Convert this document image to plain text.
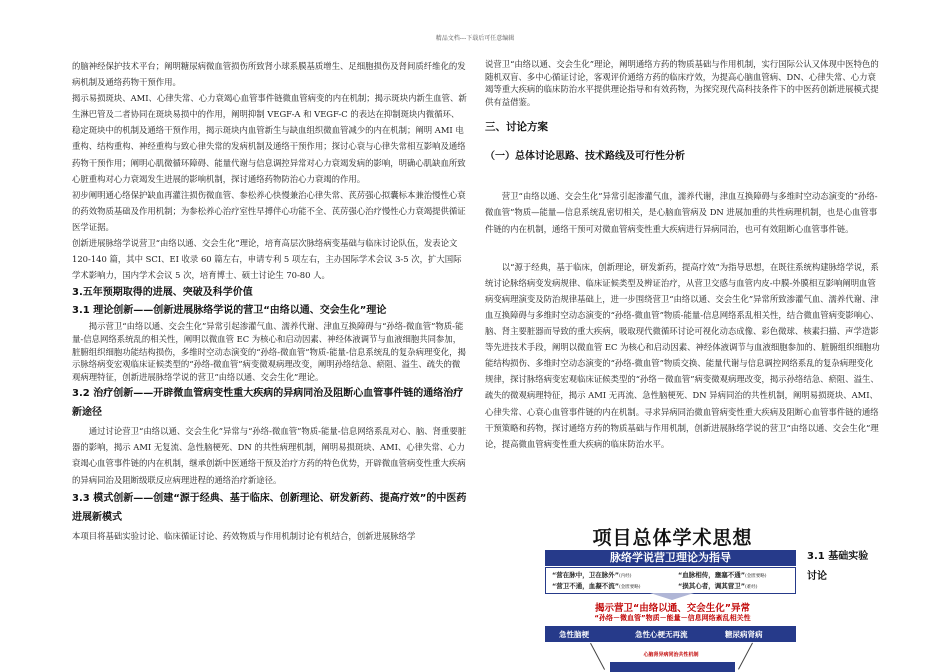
精品文档---下载后可任意编辑

的脑神经保护技术平台；阐明糖尿病微血管损伤所致肾小球系膜基质增生、足细胞损伤及肾间质纤维化的发病机制及通络药物干预作用。

揭示易损斑块、AMI、心律失常、心力衰竭心血管事件链微血管病变的内在机制；揭示斑块内新生血管、新生淋巴管及二者协同在斑块易损中的作用，阐明抑制 VEGF-A 和 VEGF-C 的表达在抑制斑块内微循环、稳定斑块中的机制及通络干预作用，揭示斑块内血管新生与缺血组织微血管减少的内在机制；阐明 AMI 电重构、结构重构、神经重构与致心律失常的发病机制及通络干预作用；探讨心衰与心律失常相互影响及通络药物干预作用；阐明心肌微循环障碍、能量代谢与信息调控异常对心力衰竭发病的影响，明确心肌缺血所致心脏重构对心力衰竭发生进展的影响机制，探讨通络药物防治心力衰竭的作用。

初步阐明通心络保护缺血再灌注损伤微血管、参松养心快慢兼治心律失常、芪苈强心拟囊标本兼治慢性心衰的药效物质基础及作用机制；为参松养心治疗室性早搏伴心功能不全、芪苈强心治疗慢性心力衰竭提供循证医学证据。

创新进展脉络学说营卫“由络以通、交会生化”理论，培育高层次脉络病变基础与临床讨论队伍，发表论文 120-140 篇，其中 SCI、EI 收录 60 篇左右，申请专利 5 项左右，主办国际学术会议 3-5 次，扩大国际学术影响力，国内学术会议 5 次，培育博士、硕士讨论生 70-80 人。

3.五年预期取得的进展、突破及科学价值
3.1 理论创新——创新进展脉络学说的营卫“由络以通、交会生化”理论

揭示营卫“由络以通、交会生化”异常引起渗灌气血、濡养代谢、津血互换障碍与“孙络-微血管”物质-能量-信息网络系统乱的相关性，阐明以微血管 EC 为核心和启动因素、神经体液调节与血液细胞共同参加，脏腑组织细胞功能结构损伤，多维时空动态演变的“孙络-微血管”物质-能量-信息系统乱的复杂病理变化，揭示脉络病变宏观临床证候类型的“孙络-微血管”病变微观病理改变，阐明孙络结急、瘀阻、溢生、疏失的微观病理特征，创新进展脉络学说的营卫“由络以通、交会生化”理论。

3.2 治疗创新——开辟微血管病变性重大疾病的异病同治及阻断心血管事件链的通络治疗新途径

通过讨论营卫“由络以通、交会生化”异常与“孙络-微血管”物质-能量-信息网络系乱对心、脑、肾重要脏器的影响，揭示 AMI 无复流、急性脑梗死、DN 的共性病理机制，阐明易损斑块、AMI、心律失常、心力衰竭心血管事件链的内在机制，继承创新中医通络干预及治疗方药的特色优势，开辟微血管病变性重大疾病的异病同治及阻断级联反应病理进程的通络治疗新途径。

3.3 模式创新——创建“源于经典、基于临床、创新理论、研发新药、提高疗效”的中医药进展新模式

本项目将基础实验讨论、临床循证讨论、药效物质与作用机制讨论有机结合，创新进展脉络学

说营卫“由络以通、交会生化”理论，阐明通络方药的物质基础与作用机制，实行国际公认又体现中医特色的随机双盲、多中心循证讨论，客观评价通络方药的临床疗效，为提高心脑血管病、DN、心律失常、心力衰竭等重大疾病的临床防治水平提供理论指导和有效药物，为探究现代高科技条件下的中医药创新进展模式提供有益借鉴。

三、讨论方案
（一）总体讨论思路、技术路线及可行性分析

营卫“由络以通、交会生化”异常引起渗灌气血，濡养代谢，津血互换障碍与多维时空动态演变的“孙络-微血管”物质—能量—信息系统乱密切相关，是心脑血管病及 DN 进展加重的共性病理机制，也是心血管事件链的内在机制，通络干预可对微血管病变性重大疾病进行异病同治，也可有效阻断心血管事件链。

以“源于经典，基于临床，创新理论，研发新药，提高疗效”为指导思想，在既往系统构建脉络学说，系统讨论脉络病变发病规律、临床证候类型及辨证治疗，从营卫交感与血管内皮-中膜-外膜相互影响阐明血管病变病理演变及防治规律基础上，进一步围绕营卫“由络以通、交会生化”异常所致渗灌气血、濡养代谢、津血互换障碍与多维时空动态演变的“孙络-微血管”物质-能量-信息网络系乱相关性，结合微血管病变影响心、脑、肾主要脏器而导致的重大疾病，吸取现代微循环讨论可视化动态成像、彩色微球、核素扫描、声学造影等先进技术手段，阐明以微血管 EC 为核心和启动因素、神经体液调节与血液细胞参加的、脏腑组织细胞功能结构损伤、多维时空动态演变的“孙络-微血管”物质交换、能量代谢与信息调控网络系乱的复杂病理变化规律，探讨脉络病变宏观临床证候类型的“孙络－微血管”病变微观病理改变，揭示孙络结急、瘀阻、溢生、疏失的微观病理特征，揭示 AMI 无再流、急性脑梗死、DN 异病同治的共性机制，阐明易损斑块、AMI、心律失常、心衰心血管事件链的内在机制。寻求异病同治微血管病变性重大疾病及阻断心血管事件链的通络干预策略和药物，探讨通络方药的物质基础与作用机制，创新进展脉络学说的营卫“由络以通、交会生化”理论，提高微血管病变性重大疾病的临床防治水平。

项目总体学术思想
脉络学说营卫理论为指导
“营在脉中，卫在脉外”(内经)	“血脉相传，壅塞不通”(金匮要略)
“营卫不通，血凝不流”(金匮要略)	“损其心者，调其营卫”(难经)
揭示营卫“由络以通、交会生化”异常
“孙络－微血管”物质－能量－信息网络紊乱相关性
急性脑梗	急性心梗无再流	糖尿病肾病
心脑肾异病同治共性机制
3.1 基础实验
讨论
